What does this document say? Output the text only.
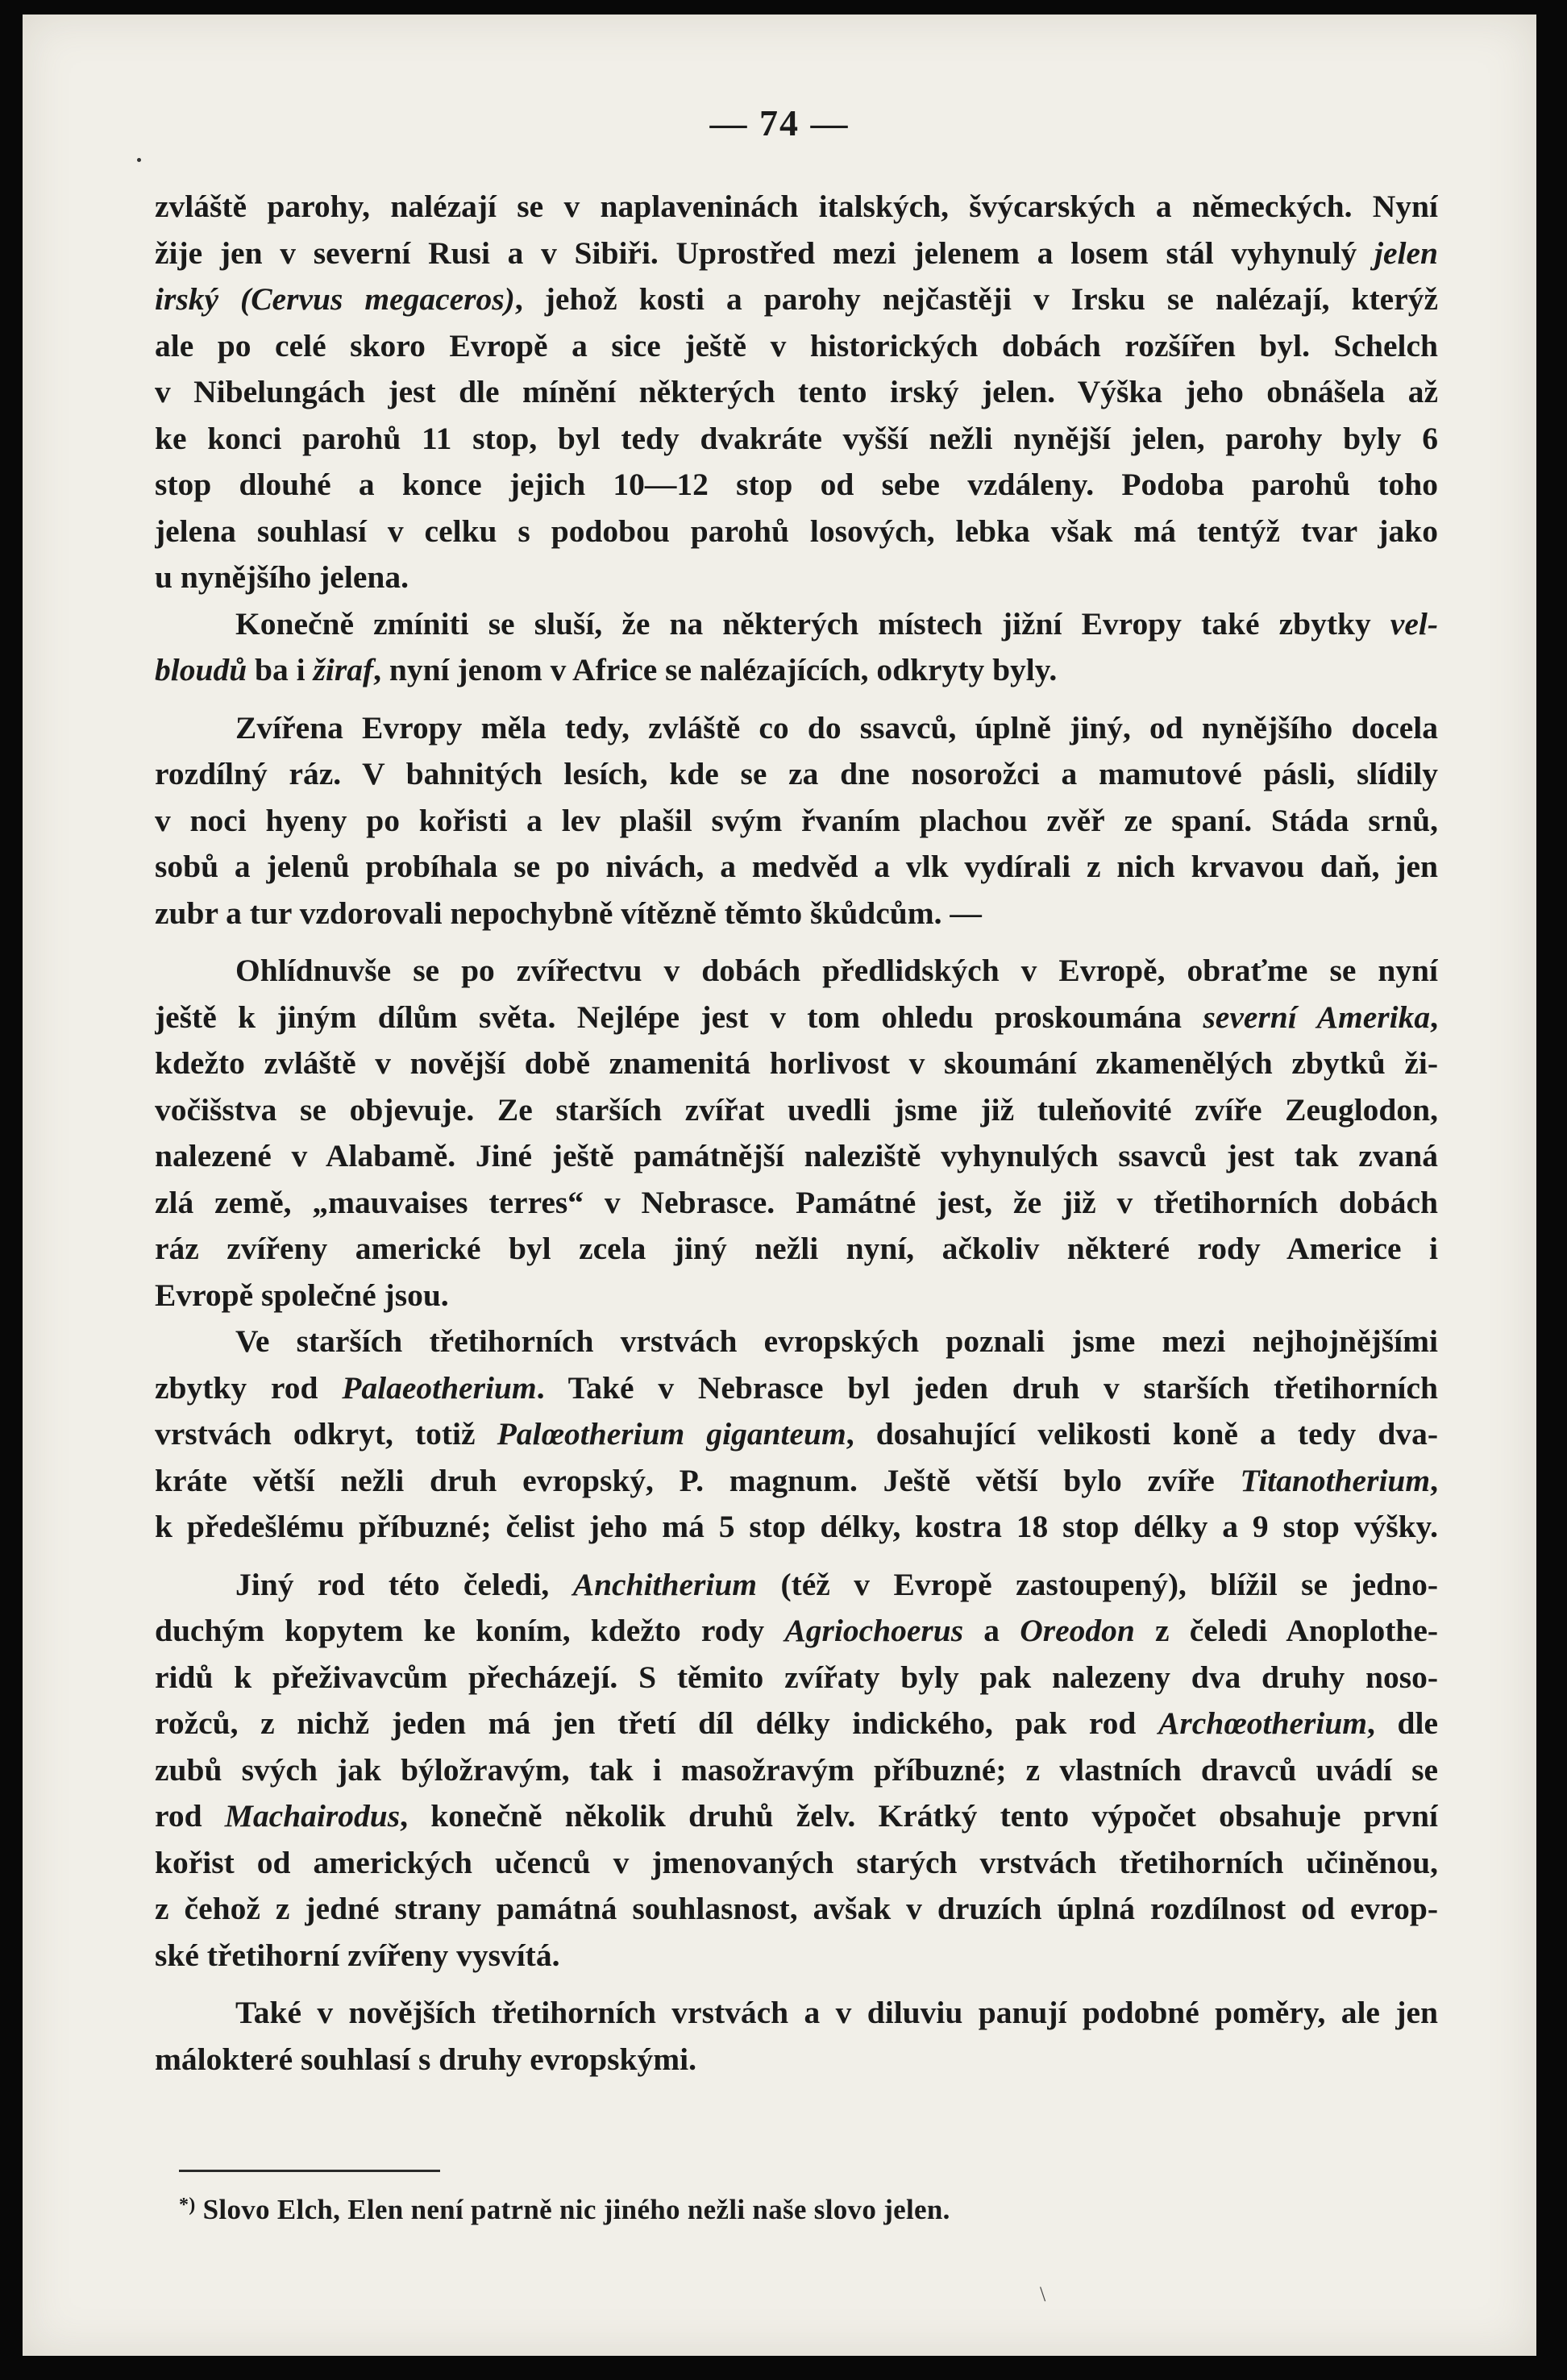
— 74 —
zvláště parohy, nalézají se v naplaveninách italských, švýcarských a německých. Nyní
žije jen v severní Rusi a v Sibiři. Uprostřed mezi jelenem a losem stál vyhynulý jelen
irský (Cervus megaceros), jehož kosti a parohy nejčastěji v Irsku se nalézají, kterýž
ale po celé skoro Evropě a sice ještě v historických dobách rozšířen byl. Schelch
v Nibelungách jest dle mínění některých tento irský jelen. Výška jeho obnášela až
ke konci parohů 11 stop, byl tedy dvakráte vyšší nežli nynější jelen, parohy byly 6
stop dlouhé a konce jejich 10—12 stop od sebe vzdáleny. Podoba parohů toho
jelena souhlasí v celku s podobou parohů losových, lebka však má tentýž tvar jako
u nynějšího jelena.
Konečně zmíniti se sluší, že na některých místech jižní Evropy také zbytky vel-
bloudů ba i žiraf, nyní jenom v Africe se nalézajících, odkryty byly.
Zvířena Evropy měla tedy, zvláště co do ssavců, úplně jiný, od nynějšího docela
rozdílný ráz. V bahnitých lesích, kde se za dne nosorožci a mamutové pásli, slídily
v noci hyeny po kořisti a lev plašil svým řvaním plachou zvěř ze spaní. Stáda srnů,
sobů a jelenů probíhala se po nivách, a medvěd a vlk vydírali z nich krvavou daň, jen
zubr a tur vzdorovali nepochybně vítězně těmto škůdcům. —
Ohlídnuvše se po zvířectvu v dobách předlidských v Evropě, obraťme se nyní
ještě k jiným dílům světa. Nejlépe jest v tom ohledu proskoumána severní Amerika,
kdežto zvláště v novější době znamenitá horlivost v skoumání zkamenělých zbytků ži-
vočišstva se objevuje. Ze starších zvířat uvedli jsme již tuleňovité zvíře Zeuglodon,
nalezené v Alabamě. Jiné ještě památnější naleziště vyhynulých ssavců jest tak zvaná
zlá země, „mauvaises terres“ v Nebrasce. Památné jest, že již v třetihorních dobách
ráz zvířeny americké byl zcela jiný nežli nyní, ačkoliv některé rody Americe i
Evropě společné jsou.
Ve starších třetihorních vrstvách evropských poznali jsme mezi nejhojnějšími
zbytky rod Palaeotherium. Také v Nebrasce byl jeden druh v starších třetihorních
vrstvách odkryt, totiž Palœotherium giganteum, dosahující velikosti koně a tedy dva-
kráte větší nežli druh evropský, P. magnum. Ještě větší bylo zvíře Titanotherium,
k předešlému příbuzné; čelist jeho má 5 stop délky, kostra 18 stop délky a 9 stop výšky.
Jiný rod této čeledi, Anchitherium (též v Evropě zastoupený), blížil se jedno-
duchým kopytem ke koním, kdežto rody Agriochoerus a Oreodon z čeledi Anoplothe-
ridů k přeživavcům přecházejí. S těmito zvířaty byly pak nalezeny dva druhy noso-
rožců, z nichž jeden má jen třetí díl délky indického, pak rod Archœotherium, dle
zubů svých jak býložravým, tak i masožravým příbuzné; z vlastních dravců uvádí se
rod Machairodus, konečně několik druhů želv. Krátký tento výpočet obsahuje první
kořist od amerických učenců v jmenovaných starých vrstvách třetihorních učiněnou,
z čehož z jedné strany památná souhlasnost, avšak v druzích úplná rozdílnost od evrop-
ské třetihorní zvířeny vysvítá.
Také v novějších třetihorních vrstvách a v diluviu panují podobné poměry, ale jen
málokteré souhlasí s druhy evropskými.
*) Slovo Elch, Elen není patrně nic jiného nežli naše slovo jelen.
\
